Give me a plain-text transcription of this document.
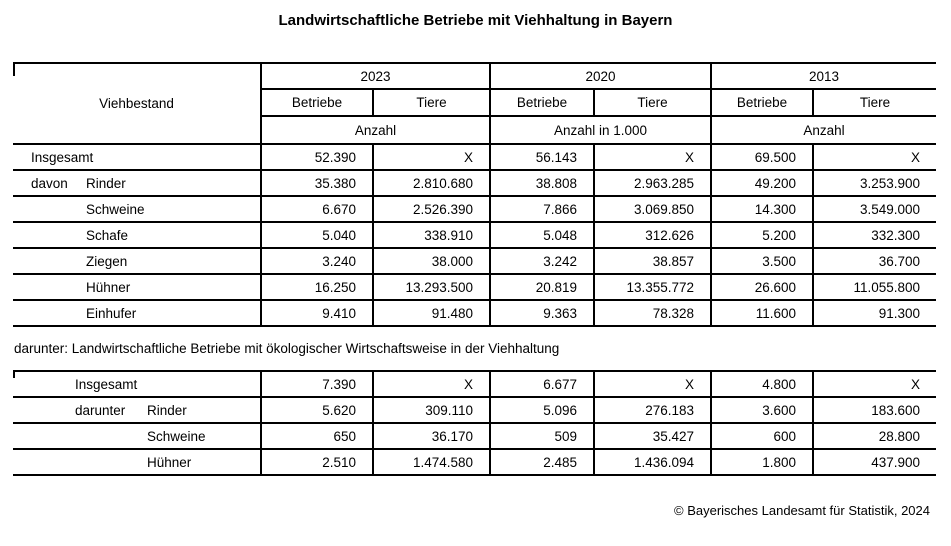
Landwirtschaftliche Betriebe mit Viehhaltung in Bayern
Viehbestand	2023		2020		2013	
	Betriebe	Tiere	Betriebe	Tiere	Betriebe	Tiere
	Anzahl		Anzahl in 1.000		Anzahl	
Insgesamt	52.390	X	56.143	X	69.500	X
davon Rinder	35.380	2.810.680	38.808	2.963.285	49.200	3.253.900
Schweine	6.670	2.526.390	7.866	3.069.850	14.300	3.549.000
Schafe	5.040	338.910	5.048	312.626	5.200	332.300
Ziegen	3.240	38.000	3.242	38.857	3.500	36.700
Hühner	16.250	13.293.500	20.819	13.355.772	26.600	11.055.800
Einhufer	9.410	91.480	9.363	78.328	11.600	91.300
darunter: Landwirtschaftliche Betriebe mit ökologischer Wirtschaftsweise in der Viehhaltung
Insgesamt	7.390	X	6.677	X	4.800	X
darunter Rinder	5.620	309.110	5.096	276.183	3.600	183.600
Schweine	650	36.170	509	35.427	600	28.800
Hühner	2.510	1.474.580	2.485	1.436.094	1.800	437.900
© Bayerisches Landesamt für Statistik, 2024
